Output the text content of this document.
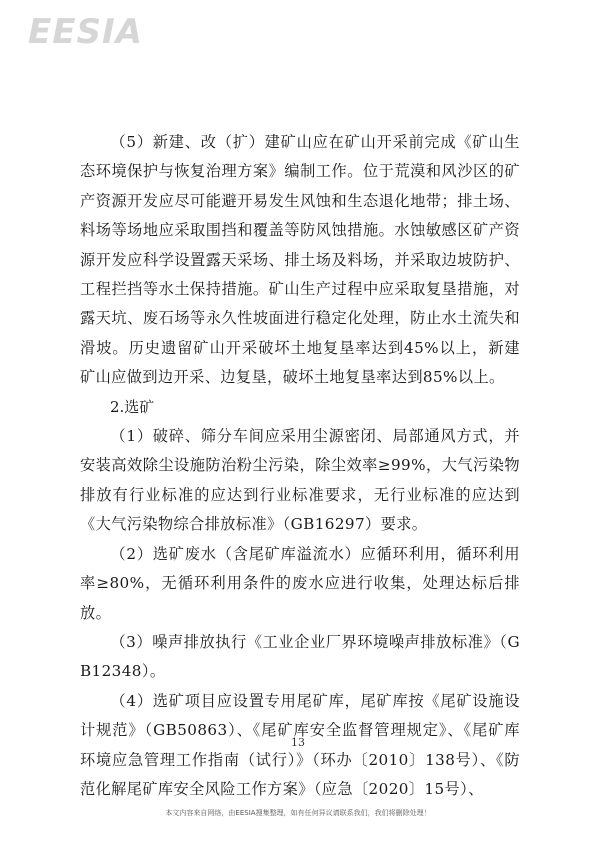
EESIA

（5）新建、改（扩）建矿山应在矿山开采前完成《矿山生态环境保护与恢复治理方案》编制工作。位于荒漠和风沙区的矿产资源开发应尽可能避开易发生风蚀和生态退化地带；排土场、料场等场地应采取围挡和覆盖等防风蚀措施。水蚀敏感区矿产资源开发应科学设置露天采场、排土场及料场，并采取边坡防护、工程拦挡等水土保持措施。矿山生产过程中应采取复垦措施，对露天坑、废石场等永久性坡面进行稳定化处理，防止水土流失和滑坡。历史遗留矿山开采破坏土地复垦率达到45%以上，新建矿山应做到边开采、边复垦，破坏土地复垦率达到85%以上。

2.选矿

（1）破碎、筛分车间应采用尘源密闭、局部通风方式，并安装高效除尘设施防治粉尘污染，除尘效率≥99%，大气污染物排放有行业标准的应达到行业标准要求，无行业标准的应达到《大气污染物综合排放标准》（GB16297）要求。

（2）选矿废水（含尾矿库溢流水）应循环利用，循环利用率≥80%，无循环利用条件的废水应进行收集，处理达标后排放。

（3）噪声排放执行《工业企业厂界环境噪声排放标准》（GB12348）。

（4）选矿项目应设置专用尾矿库，尾矿库按《尾矿设施设计规范》（GB50863）、《尾矿库安全监督管理规定》、《尾矿库环境应急管理工作指南（试行）》（环办〔2010〕138号）、《防范化解尾矿库安全风险工作方案》（应急〔2020〕15号）、

13
本文内容来自网络，由EESIA搜集整理，如有任何异议请联系我们，我们将删除处理！
